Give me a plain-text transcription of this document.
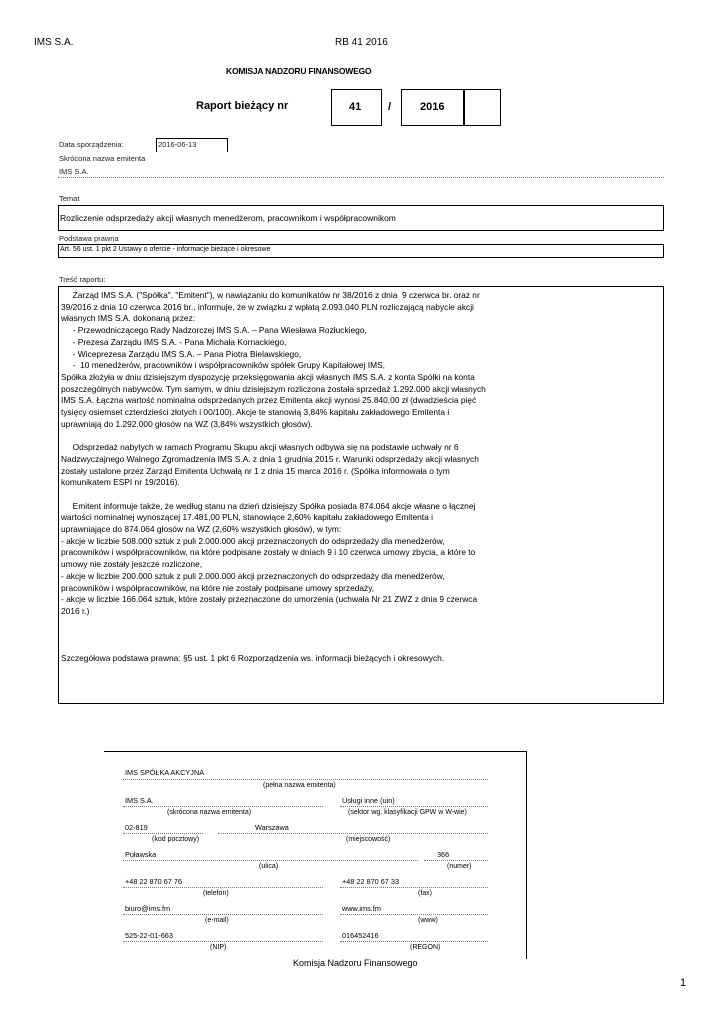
IMS S.A.	RB 41 2016
KOMISJA NADZORU FINANSOWEGO
Raport bieżący nr	41 /	2016
Data sporządzenia:	2016-06-13
Skrócona nazwa emitenta
IMS S.A.
Temat
Rozliczenie odsprzedaży akcji własnych menedżerom, pracownikom i współpracownikom
Podstawa prawna
Art. 56 ust. 1 pkt 2 Ustawy o ofercie - informacje bieżące i okresowe
Treść raportu:

Zarząd IMS S.A. ("Spółka", "Emitent"), w nawiązaniu do komunikatów nr 38/2016 z dnia  9 czerwca br. oraz nr

39/2016 z dnia 10 czerwca 2016 br., informuje, że w związku z wpłatą 2.093.040 PLN rozliczającą nabycie akcji

własnych IMS S.A. dokonaną przez:

- Przewodniczącego Rady Nadzorczej IMS S.A. – Pana Wiesława Rozłuckiego,

- Prezesa Zarządu IMS S.A. - Pana Michała Kornackiego,

- Wiceprezesa Zarządu IMS S.A. – Pana Piotra Bielawskiego,

-  10 menedżerów, pracowników i współpracowników spółek Grupy Kapitałowej IMS,

Spółka złożyła w dniu dzisiejszym dyspozycję przeksięgowania akcji własnych IMS S.A. z konta Spółki na konta

poszczególnych nabywców. Tym samym, w dniu dzisiejszym rozliczona została sprzedaż 1.292.000 akcji własnych

IMS S.A. Łączna wartość nominalna odsprzedanych przez Emitenta akcji wynosi 25.840,00 zł (dwadzieścia pięć

tysięcy osiemset czterdzieści złotych i 00/100). Akcje te stanowią 3,84% kapitału zakładowego Emitenta i

uprawniają do 1.292.000 głosów na WZ (3,84% wszystkich głosów).

Odsprzedaż nabytych w ramach Programu Skupu akcji własnych odbywa się na podstawie uchwały nr 6

Nadzwyczajnego Walnego Zgromadzenia IMS S.A. z dnia 1 grudnia 2015 r. Warunki odsprzedaży akcji własnych

zostały ustalone przez Zarząd Emitenta Uchwałą nr 1 z dnia 15 marca 2016 r. (Spółka informowała o tym

komunikatem ESPI nr 19/2016).

Emitent informuje także, że według stanu na dzień dzisiejszy Spółka posiada 874.064 akcje własne o łącznej

wartości nominalnej wynoszącej 17.481,00 PLN, stanowiące 2,60% kapitału zakładowego Emitenta i

uprawniające do 874.064 głosów na WZ (2,60% wszystkich głosów), w tym:

- akcje w liczbie 508.000 sztuk z puli 2.000.000 akcji przeznaczonych do odsprzedaży dla menedżerów,

pracowników i współpracowników, na które podpisane zostały w dniach 9 i 10 czerwca umowy zbycia, a które to

umowy nie zostały jeszcze rozliczone,

- akcje w liczbie 200.000 sztuk z puli 2.000.000 akcji przeznaczonych do odsprzedaży dla menedżerów,

pracowników i współpracowników, na które nie zostały podpisane umowy sprzedaży,

- akcje w liczbie 166.064 sztuk, które zostały przeznaczone do umorzenia (uchwała Nr 21 ZWZ z dnia 9 czerwca

2016 r.)

Szczegółowa podstawa prawna: §5 ust. 1 pkt 6 Rozporządzenia ws. informacji bieżących i okresowych.

IMS SPÓŁKA AKCYJNA
(pełna nazwa emitenta)
IMS S.A.	Usługi inne (uin)
(skrócona nazwa emitenta)	(sektor wg. klasyfikacji GPW w W-wie)
02-819	Warszawa
(kod pocztowy)	(miejscowość)
Puławska	366
(ulica)	(numer)
+48 22 870 67 76	+48 22 870 67 33
(telefon)	(fax)
biuro@ims.fm	www.ims.fm
(e-mail)	(www)
525-22-01-663	016452416
(NIP)	(REGON)
Komisja Nadzoru Finansowego
1
